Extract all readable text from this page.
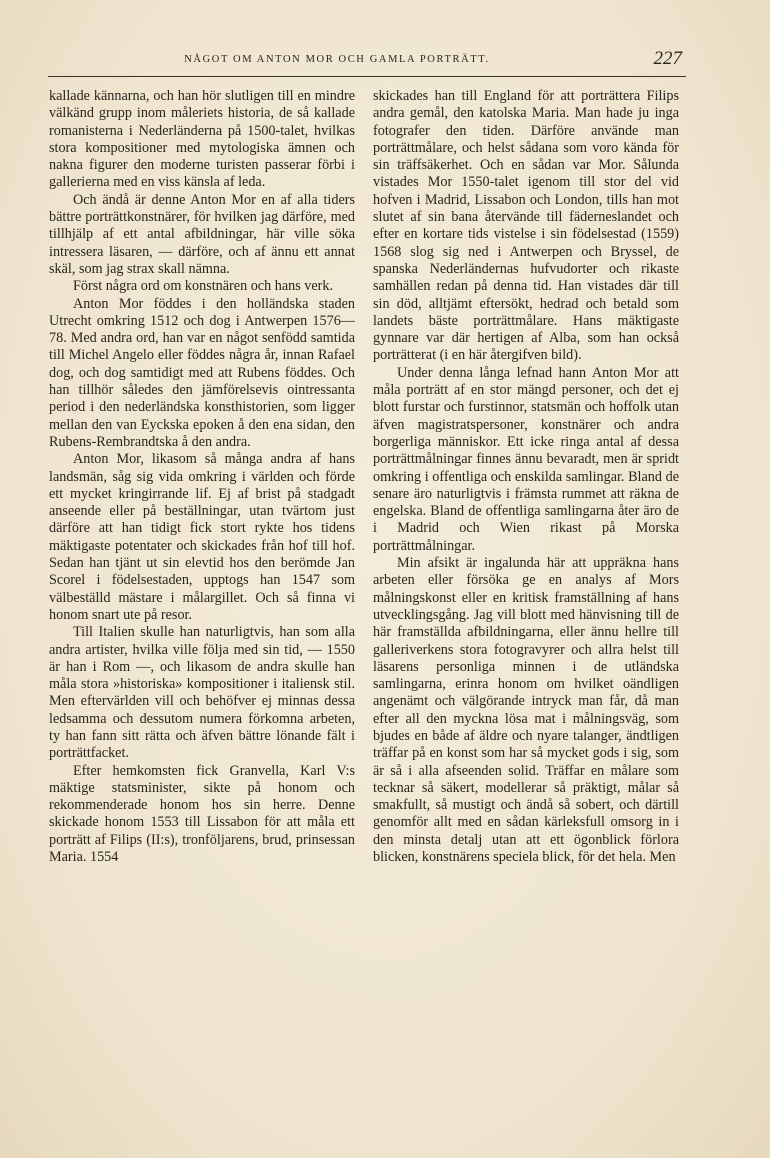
NÅGOT OM ANTON MOR OCH GAMLA PORTRÄTT.	227

kallade kännarna, och han hör slutligen till en mindre välkänd grupp inom måleriets historia, de så kallade romanisterna i Nederländerna på 1500-talet, hvilkas stora kompositioner med mytologiska ämnen och nakna figurer den moderne turisten passerar förbi i gallerierna med en viss känsla af leda.

Och ändå är denne Anton Mor en af alla tiders bättre porträttkonstnärer, för hvilken jag därföre, med tillhjälp af ett antal afbildningar, här ville söka intressera läsaren, — därföre, och af ännu ett annat skäl, som jag strax skall nämna.

Först några ord om konstnären och hans verk.

Anton Mor föddes i den holländska staden Utrecht omkring 1512 och dog i Antwerpen 1576—78. Med andra ord, han var en något senfödd samtida till Michel Angelo eller föddes några år, innan Rafael dog, och dog samtidigt med att Rubens föddes. Och han tillhör således den jämförelsevis ointressanta period i den nederländska konsthistorien, som ligger mellan den van Eyckska epoken å den ena sidan, den Rubens-Rembrandtska å den andra.

Anton Mor, likasom så många andra af hans landsmän, såg sig vida omkring i världen och förde ett mycket kringirrande lif. Ej af brist på stadgadt anseende eller på beställningar, utan tvärtom just därföre att han tidigt fick stort rykte hos tidens mäktigaste potentater och skickades från hof till hof. Sedan han tjänt ut sin elevtid hos den berömde Jan Scorel i födelsestaden, upptogs han 1547 som välbeställd mästare i målargillet. Och så finna vi honom snart ute på resor.

Till Italien skulle han naturligtvis, han som alla andra artister, hvilka ville följa med sin tid, — 1550 är han i Rom —, och likasom de andra skulle han måla stora »historiska» kompositioner i italiensk stil. Men eftervärlden vill och behöfver ej minnas dessa ledsamma och dessutom numera förkomna arbeten, ty han fann sitt rätta och äfven bättre lönande fält i porträttfacket.

Efter hemkomsten fick Granvella, Karl V:s mäktige statsminister, sikte på honom och rekommenderade honom hos sin herre. Denne skickade honom 1553 till Lissabon för att måla ett porträtt af Filips (II:s), tronföljarens, brud, prinsessan Maria. 1554

skickades han till England för att porträttera Filips andra gemål, den katolska Maria. Man hade ju inga fotografer den tiden. Därföre använde man porträttmålare, och helst sådana som voro kända för sin träffsäkerhet. Och en sådan var Mor. Sålunda vistades Mor 1550-talet igenom till stor del vid hofven i Madrid, Lissabon och London, tills han mot slutet af sin bana återvände till fäderneslandet och efter en kortare tids vistelse i sin födelsestad (1559) 1568 slog sig ned i Antwerpen och Bryssel, de spanska Nederländernas hufvudorter och rikaste samhällen redan på denna tid. Han vistades där till sin död, alltjämt eftersökt, hedrad och betald som landets bäste porträttmålare. Hans mäktigaste gynnare var där hertigen af Alba, som han också porträtterat (i en här återgifven bild).

Under denna långa lefnad hann Anton Mor att måla porträtt af en stor mängd personer, och det ej blott furstar och furstinnor, statsmän och hoffolk utan äfven magistratspersoner, konstnärer och andra borgerliga människor. Ett icke ringa antal af dessa porträttmålningar finnes ännu bevaradt, men är spridt omkring i offentliga och enskilda samlingar. Bland de senare äro naturligtvis i främsta rummet att räkna de engelska. Bland de offentliga samlingarna åter äro de i Madrid och Wien rikast på Morska porträttmålningar.

Min afsikt är ingalunda här att uppräkna hans arbeten eller försöka ge en analys af Mors målningskonst eller en kritisk framställning af hans utvecklingsgång. Jag vill blott med hänvisning till de här framställda afbildningarna, eller ännu hellre till galleriverkens stora fotogravyrer och allra helst till läsarens personliga minnen i de utländska samlingarna, erinra honom om hvilket oändligen angenämt och välgörande intryck man får, då man efter all den myckna lösa mat i målningsväg, som bjudes en både af äldre och nyare talanger, ändtligen träffar på en konst som har så mycket gods i sig, som är så i alla afseenden solid. Träffar en målare som tecknar så säkert, modellerar så präktigt, målar så smakfullt, så mustigt och ändå så sobert, och därtill genomför allt med en sådan kärleksfull omsorg in i den minsta detalj utan att ett ögonblick förlora blicken, konstnärens speciela blick, för det hela. Men
